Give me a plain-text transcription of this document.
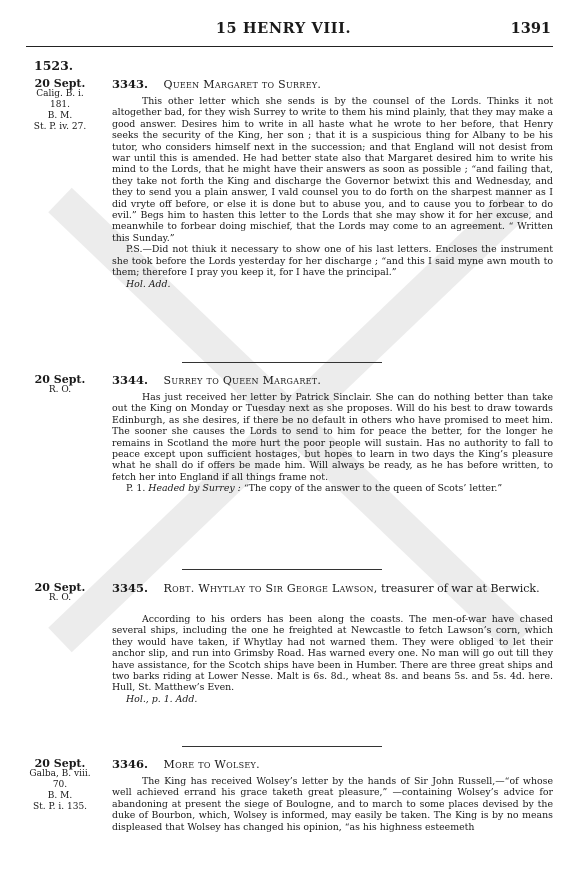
15 HENRY VIII.	1391
1523.
20 Sept.
Calig. B. i.
181.
B. M.
St. P. iv. 27.
3343. Queen Margaret to Surrey.

This other letter which she sends is by the counsel of the Lords. Thinks it not altogether bad, for they wish Surrey to write to them his mind plainly, that they may make a good answer. Desires him to write in all haste what he wrote to her before, that Henry seeks the security of the King, her son ; that it is a suspicious thing for Albany to be his tutor, who considers himself next in the succession; and that England will not desist from war until this is amended. He had better state also that Margaret desired him to write his mind to the Lords, that he might have their answers as soon as possible ; “and failing that, they take not forth the King and discharge the Governor betwixt this and Wednesday, and they to send you a plain answer, I vald counsel you to do forth on the sharpest manner as I did vryte off before, or else it is done but to abuse you, and to cause you to forbear to do evil.” Begs him to hasten this letter to the Lords that she may show it for her excuse, and meanwhile to forbear doing mischief, that the Lords may come to an agreement. “ Written this Sunday.”

P.S.—Did not thiuk it necessary to show one of his last letters. Encloses the instrument she took before the Lords yesterday for her discharge ; “and this I said myne awn mouth to them; therefore I pray you keep it, for I have the principal.”

Hol. Add.
20 Sept.
R. O.
3344. Surrey to Queen Margaret.

Has just received her letter by Patrick Sinclair. She can do nothing better than take out the King on Monday or Tuesday next as she proposes. Will do his best to draw towards Edinburgh, as she desires, if there be no default in others who have promised to meet him. The sooner she causes the Lords to send to him for peace the better, for the longer he remains in Scotland the more hurt the poor people will sustain. Has no authority to fall to peace except upon sufficient hostages, but hopes to learn in two days the King’s pleasure what he shall do if offers be made him. Will always be ready, as he has before written, to fetch her into England if all things frame not.

P. 1. Headed by Surrey : “The copy of the answer to the queen of Scots’ letter.”

20 Sept.
R. O.
3345. Robt. Whytlay to Sir George Lawson, treasurer of war at Berwick.

According to his orders has been along the coasts. The men-of-war have chased several ships, including the one he freighted at Newcastle to fetch Lawson’s corn, which they would have taken, if Whytlay had not warned them. They were obliged to let their anchor slip, and run into Grimsby Road. Has warned every one. No man will go out till they have assistance, for the Scotch ships have been in Humber. There are three great ships and two barks riding at Lower Nesse. Malt is 6s. 8d., wheat 8s. and beans 5s. and 5s. 4d. here. Hull, St. Matthew’s Even.

Hol., p. 1. Add.
20 Sept.
Galba, B. viii.
70.
B. M.
St. P. i. 135.
3346. More to Wolsey.

The King has received Wolsey’s letter by the hands of Sir John Russell,—“of whose well achieved errand his grace taketh great pleasure,” —containing Wolsey’s advice for abandoning at present the siege of Boulogne, and to march to some places devised by the duke of Bourbon, which, Wolsey is informed, may easily be taken. The King is by no means displeased that Wolsey has changed his opinion, “as his highness esteemeth
